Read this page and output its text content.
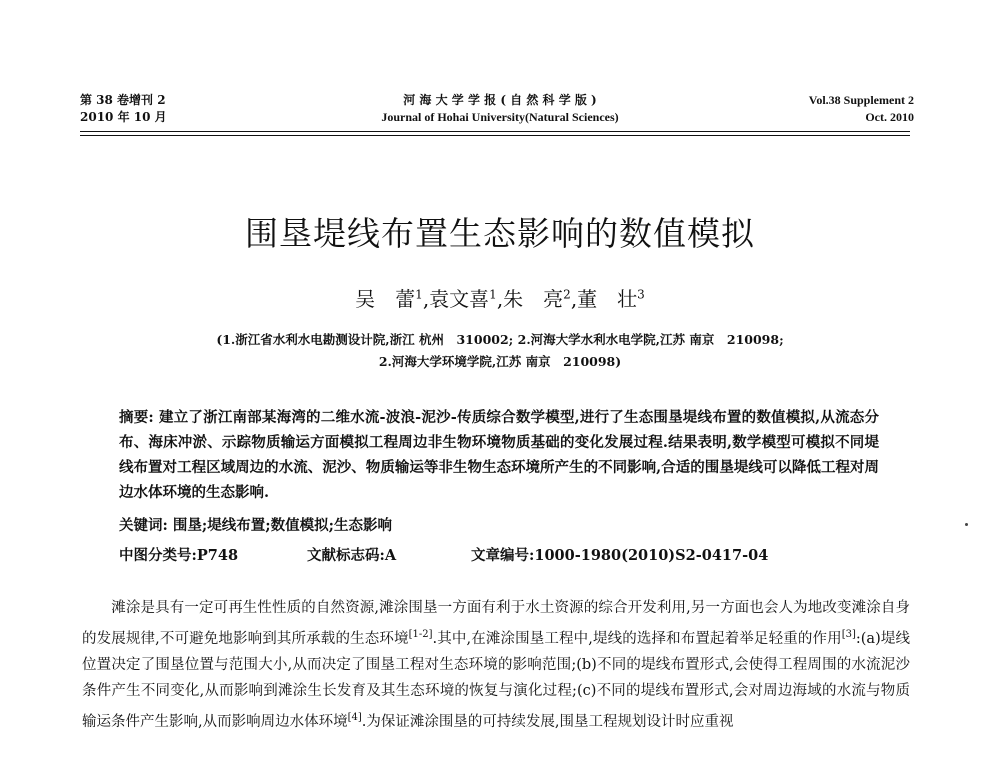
第 38 卷增刊 2
2010 年 10 月
河 海 大 学 学 报 ( 自 然 科 学 版 )
Journal of Hohai University(Natural Sciences)
Vol.38 Supplement 2
Oct. 2010
围垦堤线布置生态影响的数值模拟
吴　蕾$^1$,袁文喜$^1$,朱　亮$^2$,董　壮$^3$
(1.浙江省水利水电勘测设计院,浙江 杭州　310002; 2.河海大学水利水电学院,江苏 南京　210098;
2.河海大学环境学院,江苏 南京　210098)
摘要: 建立了浙江南部某海湾的二维水流-波浪-泥沙-传质综合数学模型,进行了生态围垦堤线布置的数值模拟,从流态分布、海床冲淤、示踪物质输运方面模拟工程周边非生物环境物质基础的变化发展过程.结果表明,数学模型可模拟不同堤线布置对工程区域周边的水流、泥沙、物质输运等非生物生态环境所产生的不同影响,合适的围垦堤线可以降低工程对周边水体环境的生态影响.
关键词: 围垦;堤线布置;数值模拟;生态影响
中图分类号:P748	文献标志码:A	文章编号:1000-1980(2010)S2-0417-04
　　滩涂是具有一定可再生性性质的自然资源,滩涂围垦一方面有利于水土资源的综合开发利用,另一方面也会人为地改变滩涂自身的发展规律,不可避免地影响到其所承载的生态环境[1-2].其中,在滩涂围垦工程中,堤线的选择和布置起着举足轻重的作用[3]:(a)堤线位置决定了围垦位置与范围大小,从而决定了围垦工程对生态环境的影响范围;(b)不同的堤线布置形式,会使得工程周围的水流泥沙条件产生不同变化,从而影响到滩涂生长发育及其生态环境的恢复与演化过程;(c)不同的堤线布置形式,会对周边海域的水流与物质输运条件产生影响,从而影响周边水体环境[4].为保证滩涂围垦的可持续发展,围垦工程规划设计时应重视
